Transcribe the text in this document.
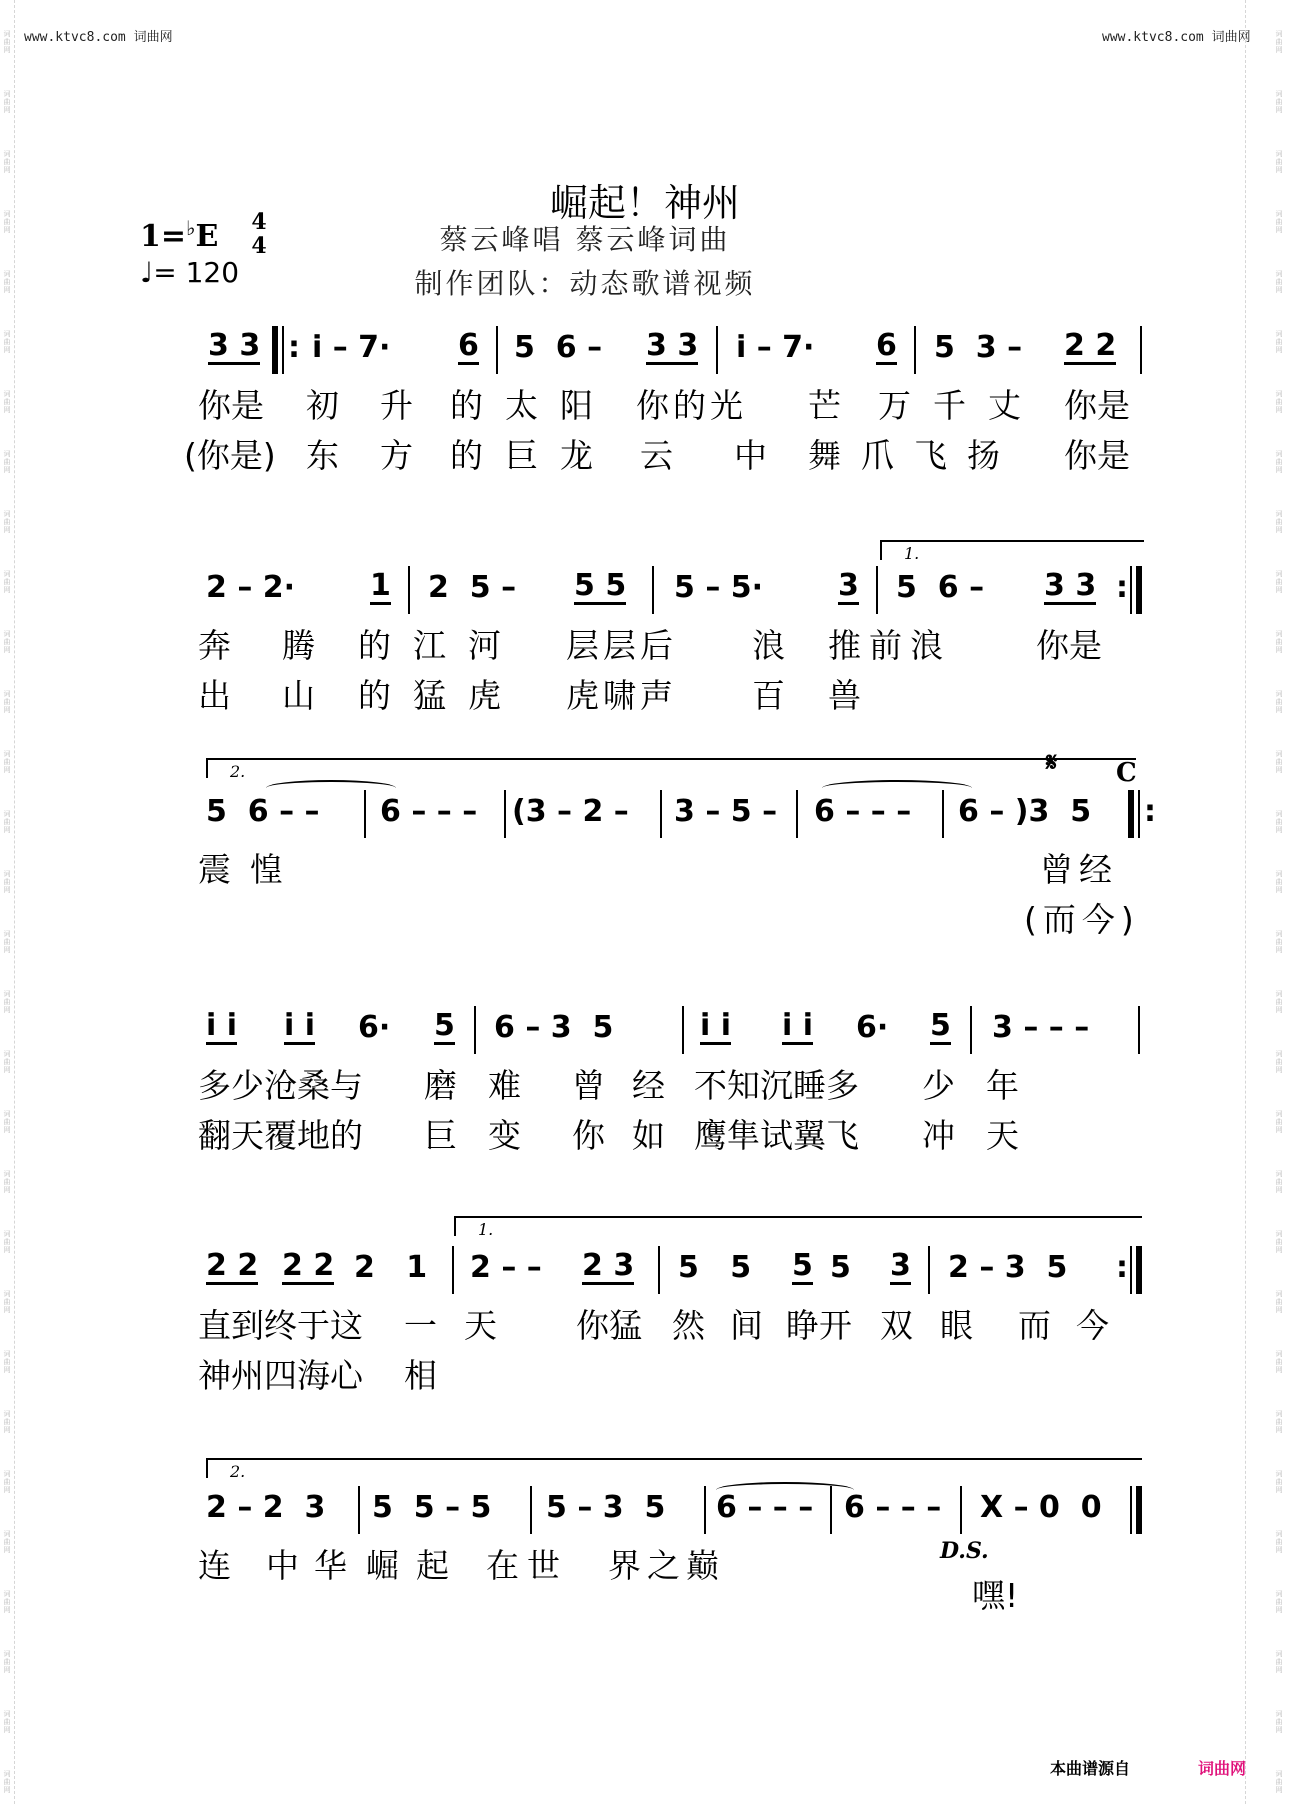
www.ktvc8.com 词曲网	www.ktvc8.com 词曲网
词曲网
词曲网
词曲网
词曲网
词曲网
词曲网
词曲网
词曲网
词曲网
词曲网
词曲网
词曲网
词曲网
词曲网
词曲网
词曲网
词曲网
词曲网
词曲网
词曲网
词曲网
词曲网
词曲网
词曲网
词曲网
词曲网
词曲网
词曲网
词曲网
词曲网
词曲网
词曲网
词曲网
词曲网
词曲网
词曲网
词曲网
词曲网
词曲网
词曲网
词曲网
词曲网
词曲网
词曲网
词曲网
词曲网
词曲网
词曲网
词曲网
词曲网
词曲网
词曲网
词曲网
词曲网
词曲网
词曲网
词曲网
词曲网
词曲网
词曲网
崛起！神州
蔡云峰唱 蔡云峰词曲
制作团队：动态歌谱视频
1=♭E 4
4
♩= 120
3 3 : i̇ – 7· 6 5  6 – 3 3 i̇ – 7· 6 5  3 – 2 2
你是 初 升 的太阳 你的光 芒 万千丈 你是
(你是) 东 方 的巨龙 云 中 舞爪飞扬 你是
1.
2 – 2· 1 2  5 – 5 5 5 – 5· 3 5  6 – 3 3 :
奔 腾 的江河 层层后 浪 推前浪	你是
出 山 的猛虎 虎啸声 百 兽
2.	𝄋 C
5  6 – – 6 – – – (3 – 2 – 3 – 5 – 6 – – – 6 – )3  5 :
震 惶	曾经
(而今)
i̇ i̇ i̇ i̇ 6· 5 6 – 3  5	i̇ i̇ i̇ i̇ 6· 5 3 – – –
多少沧桑与 磨 难 曾 经 不知沉睡多 少 年
翻天覆地的 巨 变 你 如 鹰隼试翼飞 冲 天
1.
2 2 2 2 2   1 2 – – 2 3 5   5 5 5 3 2 – 3  5 :
直到终于这 一 天 你猛 然 间 睁开 双 眼 而 今
神州四海心 相
2.
2 – 2  3 5  5 – 5 5 – 3  5 6 – – – 6 – – – X – 0  0
连 中 华 崛 起 在世 界之巅	D.S.
嘿!
本曲谱源自	词曲网
